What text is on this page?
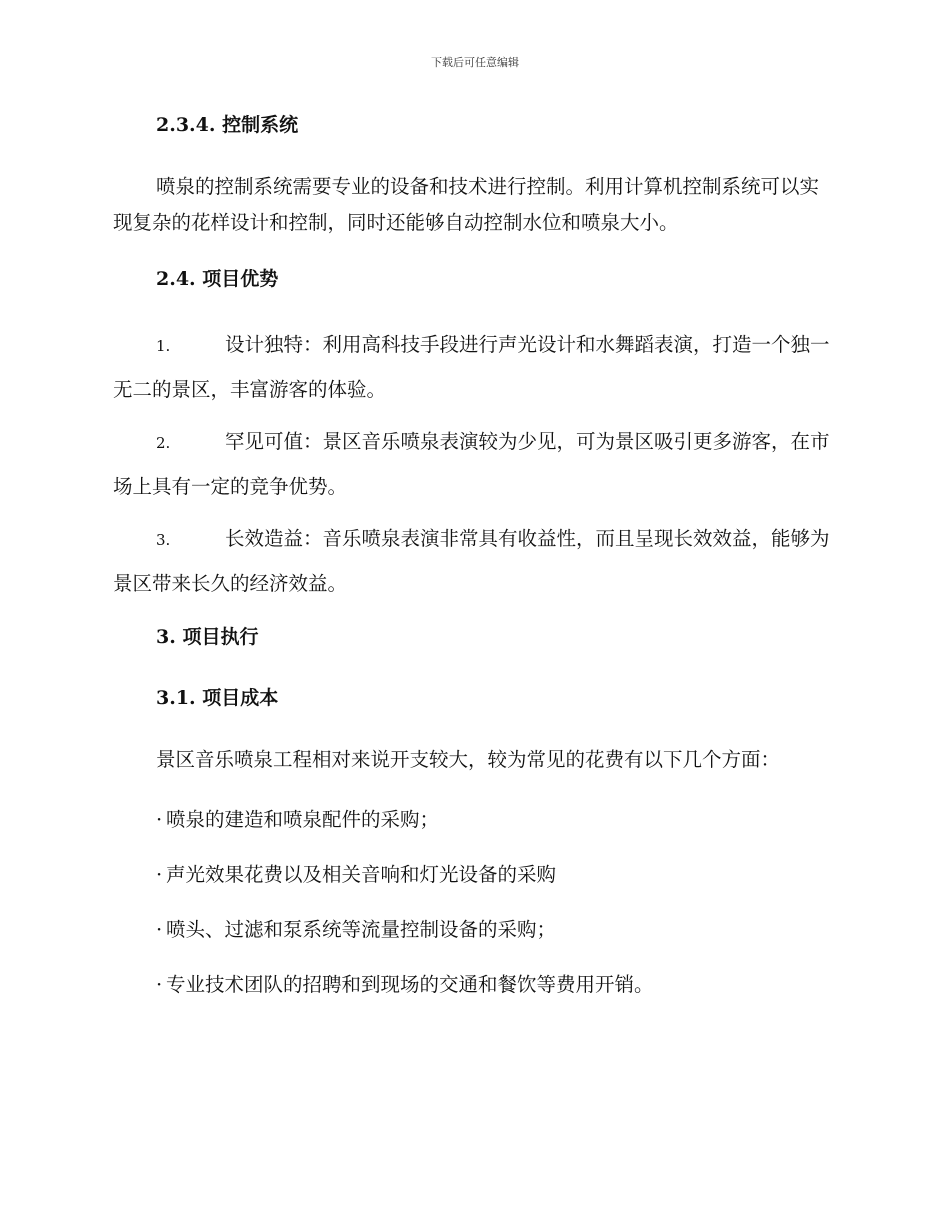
下载后可任意编辑
2.3.4. 控制系统

喷泉的控制系统需要专业的设备和技术进行控制。利用计算机控制系统可以实现复杂的花样设计和控制，同时还能够自动控制水位和喷泉大小。

2.4. 项目优势

1.	设计独特：利用高科技手段进行声光设计和水舞蹈表演，打造一个独一无二的景区，丰富游客的体验。

2.	罕见可值：景区音乐喷泉表演较为少见，可为景区吸引更多游客，在市场上具有一定的竞争优势。

3.	长效造益：音乐喷泉表演非常具有收益性，而且呈现长效效益，能够为景区带来长久的经济效益。

3. 项目执行
3.1. 项目成本

景区音乐喷泉工程相对来说开支较大，较为常见的花费有以下几个方面：

· 喷泉的建造和喷泉配件的采购；
· 声光效果花费以及相关音响和灯光设备的采购
· 喷头、过滤和泵系统等流量控制设备的采购；
· 专业技术团队的招聘和到现场的交通和餐饮等费用开销。
